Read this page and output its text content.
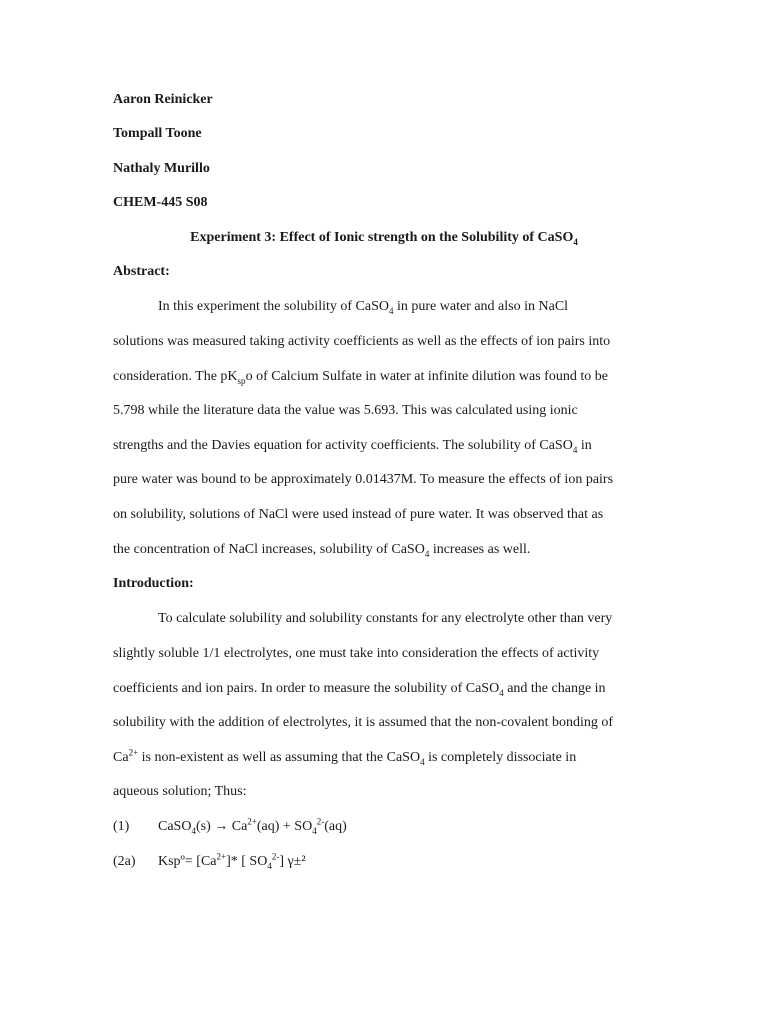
Aaron Reinicker
Tompall Toone
Nathaly Murillo
CHEM-445 S08
Experiment 3: Effect of Ionic strength on the Solubility of CaSO$_4$
Abstract:
In this experiment the solubility of CaSO$_4$ in pure water and also in NaCl
solutions was measured taking activity coefficients as well as the effects of ion pairs into
consideration. The $pK_{sp}o$ of Calcium Sulfate in water at infinite dilution was found to be
5.798 while the literature data the value was 5.693. This was calculated using ionic
strengths and the Davies equation for activity coefficients. The solubility of CaSO$_4$ in
pure water was bound to be approximately 0.01437M. To measure the effects of ion pairs
on solubility, solutions of NaCl were used instead of pure water. It was observed that as
the concentration of NaCl increases, solubility of CaSO$_4$ increases as well.
Introduction:
To calculate solubility and solubility constants for any electrolyte other than very
slightly soluble 1/1 electrolytes, one must take into consideration the effects of activity
coefficients and ion pairs. In order to measure the solubility of CaSO$_4$ and the change in
solubility with the addition of electrolytes, it is assumed that the non-covalent bonding of
$Ca^{2+}$ is non-existent as well as assuming that the CaSO$_4$ is completely dissociate in
aqueous solution; Thus:
(1) CaSO$_4$(s) → $Ca^{2+}(aq) + SO_4^{2-}(aq)$
(2a) Kspº= $[Ca^{2+}]*$ [ $SO_4^{2-}$] γ±²
